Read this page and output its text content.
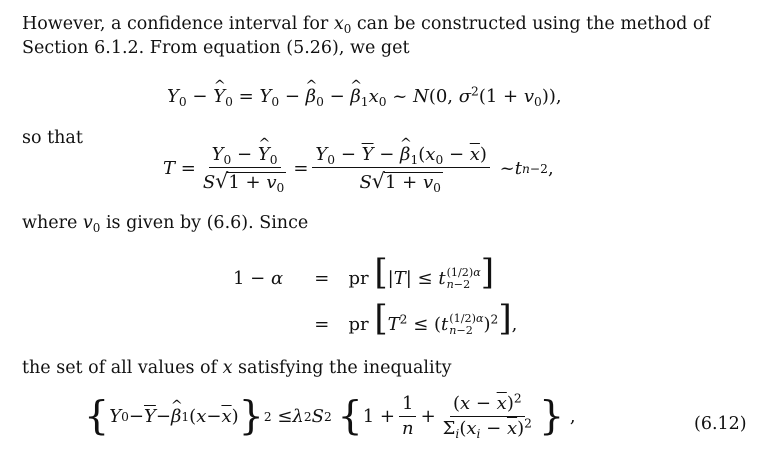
However, a confidence interval for $x_0$ can be constructed using the method of
Section 6.1.2. From equation (5.26), we get
$Y_0$ − ^ $Y_0 = Y_0$ − ^ $\beta_0$ − ^ $\beta_1x_0$ ~ N(0, $\sigma^2(1 + v_0)$),
so that
$T = \frac{Y_0 - \^{} Y_0}{S √ 1 + v_0} = \frac{Y_0 - \overline{Y} - \^{} \beta_1(x_0 - \overline{x})}{S √ 1 + v_0}$ ~ t n−2 ,
where $v_0$ is given by (6.6). Since
1 − α = pr [|T| ≤ t (1/2)α
n−2 ]
= pr [$T^2 \le (t$ (1/2)α
n−2 )$^2$],
the set of all values of x satisfying the inequality
{ Y $0 - \overline{Y}$ − ^ β 1 ( $x - \overline{x}$ ) } 2 ≤ λ 2 S 2
{ $1 + \frac{1}{n} + \frac{(x - \overline{x})^2}{\Sigma_i(x_i - \overline{x})^2}$ } ,	(6.12)
